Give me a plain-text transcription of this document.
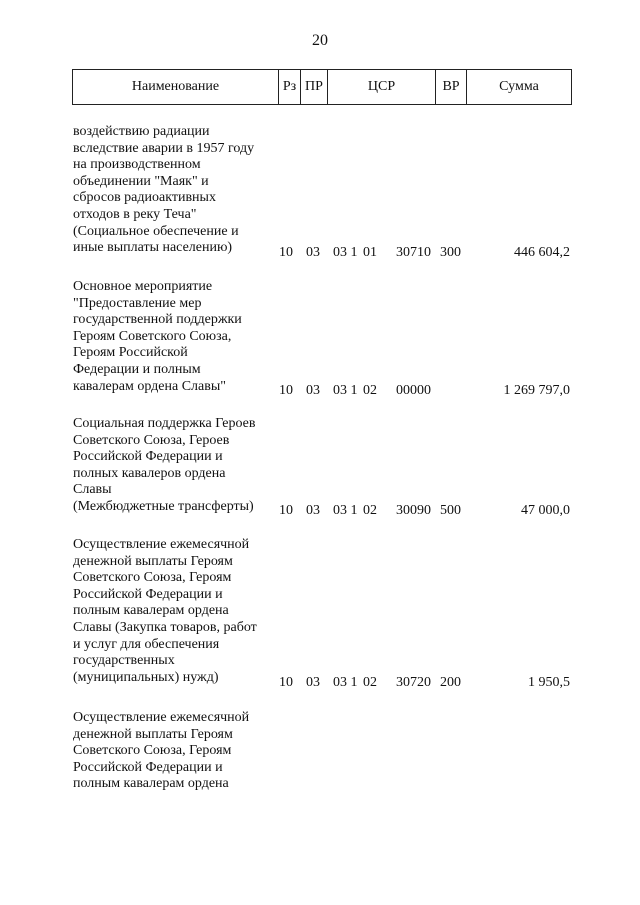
20
Наименование	Рз ПР	ЦСР	ВР	Сумма
воздействию радиации
вследствие аварии в 1957 году
на производственном
объединении "Маяк" и
сбросов радиоактивных
отходов в реку Теча"
(Социальное обеспечение и
иные выплаты населению)	10 03 03 1 01 30710 300	446 604,2
Основное мероприятие
"Предоставление мер
государственной поддержки
Героям Советского Союза,
Героям Российской
Федерации и полным
кавалерам ордена Славы"	10 03 03 1 02 00000	1 269 797,0
Социальная поддержка Героев
Советского Союза, Героев
Российской Федерации и
полных кавалеров ордена
Славы
(Межбюджетные трансферты)	10 03 03 1 02 30090 500	47 000,0
Осуществление ежемесячной
денежной выплаты Героям
Советского Союза, Героям
Российской Федерации и
полным кавалерам ордена
Славы (Закупка товаров, работ
и услуг для обеспечения
государственных
(муниципальных) нужд)	10 03 03 1 02 30720 200	1 950,5
Осуществление ежемесячной
денежной выплаты Героям
Советского Союза, Героям
Российской Федерации и
полным кавалерам ордена
